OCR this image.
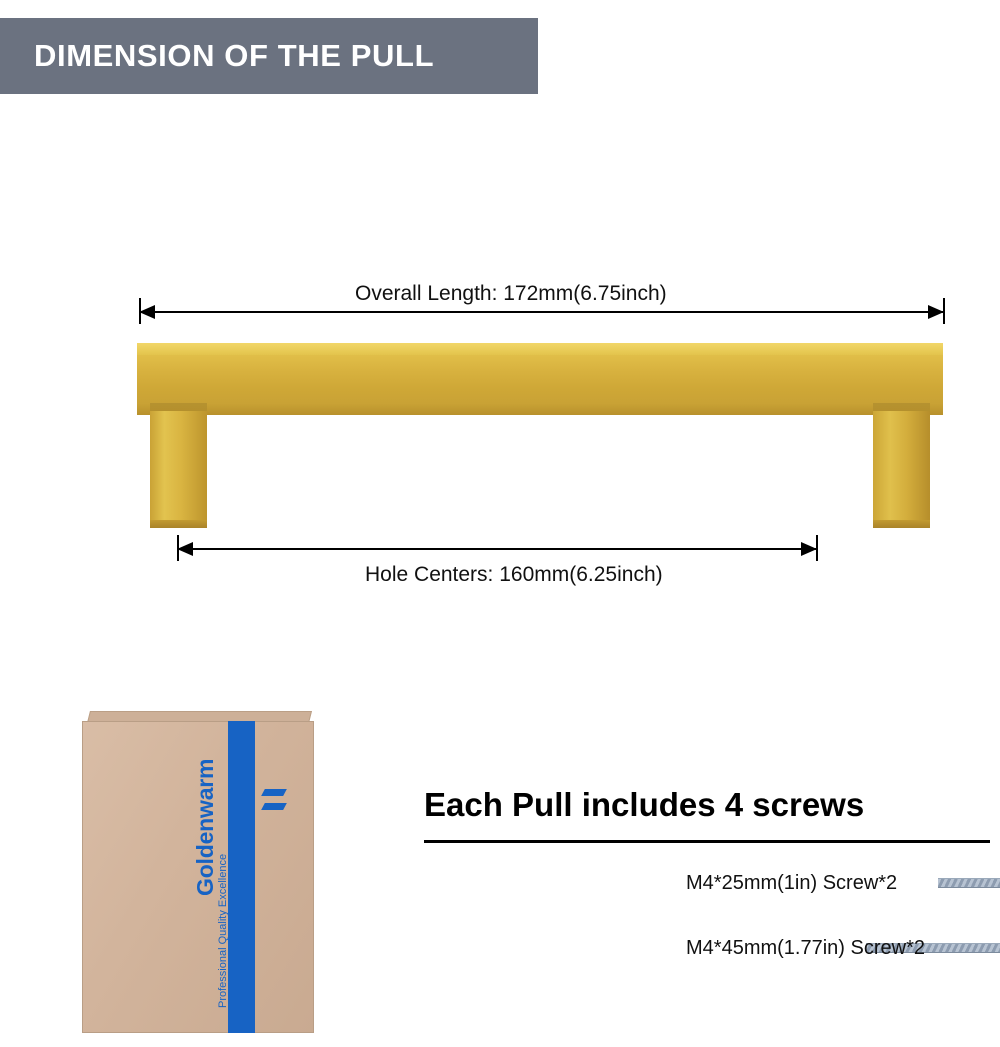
DIMENSION OF THE PULL
Overall Length: 172mm(6.75inch)
Hole Centers: 160mm(6.25inch)
Goldenwarm
Professional Quality Excellence
Each Pull includes 4 screws
M4*25mm(1in) Screw*2
M4*45mm(1.77in) Screw*2
